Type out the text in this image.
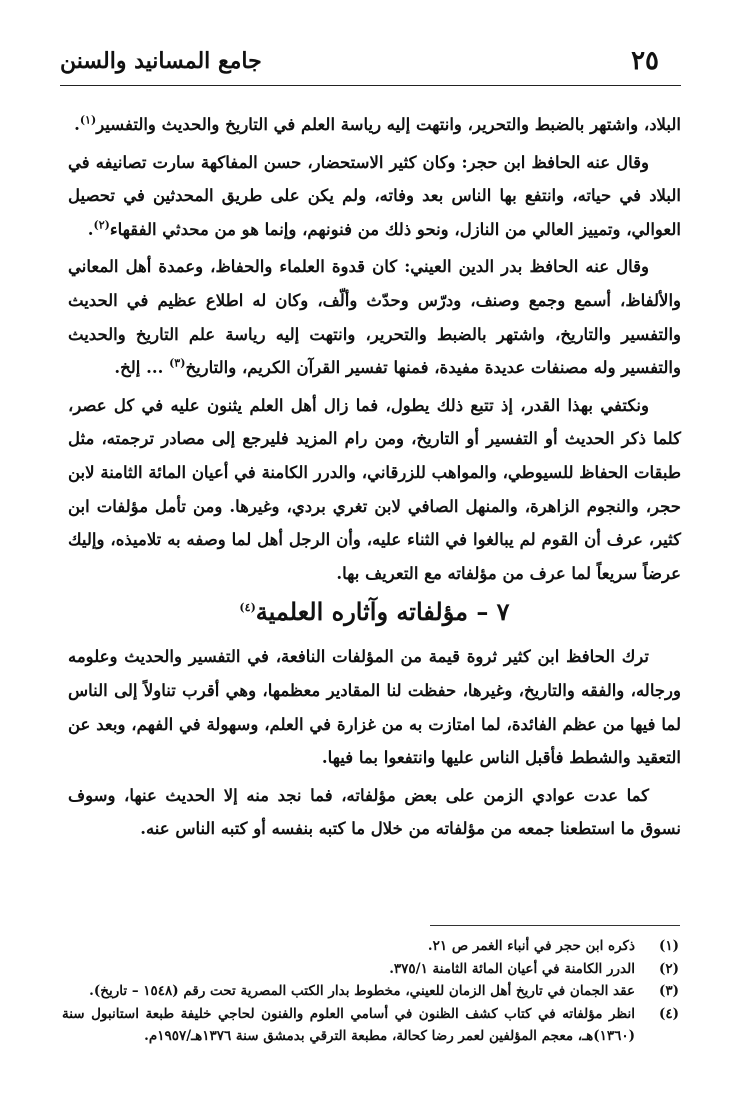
٢٥
جامع المسانيد والسنن

البلاد، واشتهر بالضبط والتحرير، وانتهت إليه رياسة العلم في التاريخ والحديث والتفسير$^{(١)}$.

وقال عنه الحافظ ابن حجر: وكان كثير الاستحضار، حسن المفاكهة سارت تصانيفه في البلاد في حياته، وانتفع بها الناس بعد وفاته، ولم يكن على طريق المحدثين في تحصيل العوالي، وتمييز العالي من النازل، ونحو ذلك من فنونهم، وإنما هو من محدثي الفقهاء$^{(٢)}$.

وقال عنه الحافظ بدر الدين العيني: كان قدوة العلماء والحفاظ، وعمدة أهل المعاني والألفاظ، أسمع وجمع وصنف، ودرّس وحدّث وألّف، وكان له اطلاع عظيم في الحديث والتفسير والتاريخ، واشتهر بالضبط والتحرير، وانتهت إليه رياسة علم التاريخ والحديث والتفسير وله مصنفات عديدة مفيدة، فمنها تفسير القرآن الكريم، والتاريخ$^{(٣)}$ ... إلخ.

ونكتفي بهذا القدر، إذ تتبع ذلك يطول، فما زال أهل العلم يثنون عليه في كل عصر، كلما ذكر الحديث أو التفسير أو التاريخ، ومن رام المزيد فليرجع إلى مصادر ترجمته، مثل طبقات الحفاظ للسيوطي، والمواهب للزرقاني، والدرر الكامنة في أعيان المائة الثامنة لابن حجر، والنجوم الزاهرة، والمنهل الصافي لابن تغري بردي، وغيرها. ومن تأمل مؤلفات ابن كثير، عرف أن القوم لم يبالغوا في الثناء عليه، وأن الرجل أهل لما وصفه به تلاميذه، وإليك عرضاً سريعاً لما عرف من مؤلفاته مع التعريف بها.

٧ – مؤلفاته وآثاره العلمية$^{(٤)}$

ترك الحافظ ابن كثير ثروة قيمة من المؤلفات النافعة، في التفسير والحديث وعلومه ورجاله، والفقه والتاريخ، وغيرها، حفظت لنا المقادير معظمها، وهي أقرب تناولاً إلى الناس لما فيها من عظم الفائدة، لما امتازت به من غزارة في العلم، وسهولة في الفهم، وبعد عن التعقيد والشطط فأقبل الناس عليها وانتفعوا بما فيها.

كما عدت عوادي الزمن على بعض مؤلفاته، فما نجد منه إلا الحديث عنها، وسوف نسوق ما استطعنا جمعه من مؤلفاته من خلال ما كتبه بنفسه أو كتبه الناس عنه.

(١)
ذكره ابن حجر في أنباء الغمر ص ٢١.
(٢)
الدرر الكامنة في أعيان المائة الثامنة ٣٧٥/١.
(٣)
عقد الجمان في تاريخ أهل الزمان للعيني، مخطوط بدار الكتب المصرية تحت رقم (١٥٤٨ – تاريخ).
(٤)
انظر مؤلفاته في كتاب كشف الظنون في أسامي العلوم والفنون لحاجي خليفة طبعة استانبول سنة (١٣٦٠)هـ، معجم المؤلفين لعمر رضا كحالة، مطبعة الترقي بدمشق سنة ١٣٧٦هـ/١٩٥٧م.
